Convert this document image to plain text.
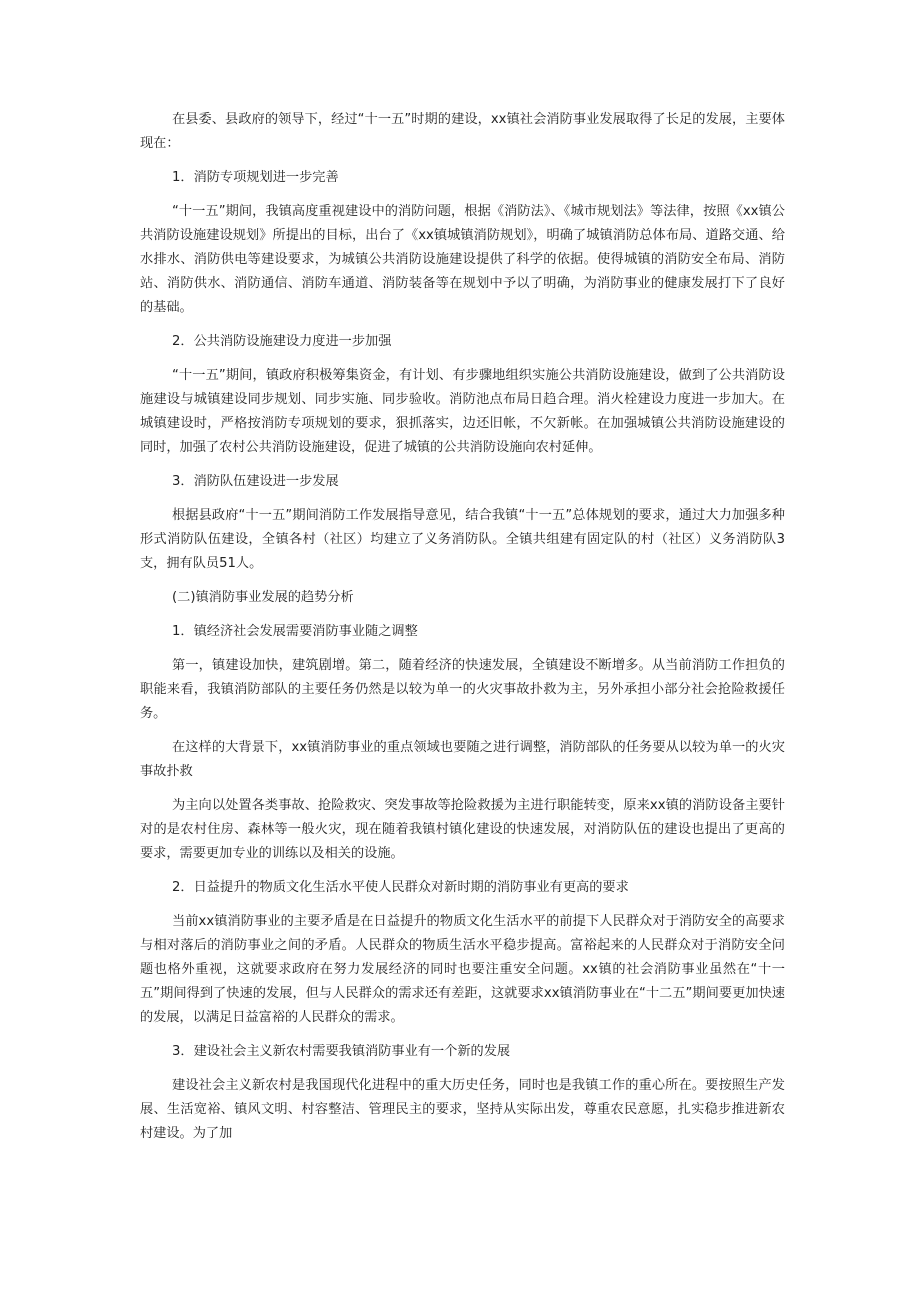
在县委、县政府的领导下，经过“十一五”时期的建设，xx镇社会消防事业发展取得了长足的发展，主要体现在：

1．消防专项规划进一步完善

“十一五”期间，我镇高度重视建设中的消防问题，根据《消防法》、《城市规划法》等法律，按照《xx镇公共消防设施建设规划》所提出的目标，出台了《xx镇城镇消防规划》，明确了城镇消防总体布局、道路交通、给水排水、消防供电等建设要求，为城镇公共消防设施建设提供了科学的依据。使得城镇的消防安全布局、消防站、消防供水、消防通信、消防车通道、消防装备等在规划中予以了明确，为消防事业的健康发展打下了良好的基础。

2．公共消防设施建设力度进一步加强

“十一五”期间，镇政府积极筹集资金，有计划、有步骤地组织实施公共消防设施建设，做到了公共消防设施建设与城镇建设同步规划、同步实施、同步验收。消防池点布局日趋合理。消火栓建设力度进一步加大。在城镇建设时，严格按消防专项规划的要求，狠抓落实，边还旧帐，不欠新帐。在加强城镇公共消防设施建设的同时，加强了农村公共消防设施建设，促进了城镇的公共消防设施向农村延伸。

3．消防队伍建设进一步发展

根据县政府“十一五”期间消防工作发展指导意见，结合我镇“十一五”总体规划的要求，通过大力加强多种形式消防队伍建设，全镇各村（社区）均建立了义务消防队。全镇共组建有固定队的村（社区）义务消防队3支，拥有队员51人。

(二)镇消防事业发展的趋势分析

1．镇经济社会发展需要消防事业随之调整

第一，镇建设加快，建筑剧增。第二，随着经济的快速发展，全镇建设不断增多。从当前消防工作担负的职能来看，我镇消防部队的主要任务仍然是以较为单一的火灾事故扑救为主，另外承担小部分社会抢险救援任务。

在这样的大背景下，xx镇消防事业的重点领域也要随之进行调整，消防部队的任务要从以较为单一的火灾事故扑救

为主向以处置各类事故、抢险救灾、突发事故等抢险救援为主进行职能转变，原来xx镇的消防设备主要针对的是农村住房、森林等一般火灾，现在随着我镇村镇化建设的快速发展，对消防队伍的建设也提出了更高的要求，需要更加专业的训练以及相关的设施。

2．日益提升的物质文化生活水平使人民群众对新时期的消防事业有更高的要求

当前xx镇消防事业的主要矛盾是在日益提升的物质文化生活水平的前提下人民群众对于消防安全的高要求与相对落后的消防事业之间的矛盾。人民群众的物质生活水平稳步提高。富裕起来的人民群众对于消防安全问题也格外重视，这就要求政府在努力发展经济的同时也要注重安全问题。xx镇的社会消防事业虽然在“十一五”期间得到了快速的发展，但与人民群众的需求还有差距，这就要求xx镇消防事业在“十二五”期间要更加快速的发展，以满足日益富裕的人民群众的需求。

3．建设社会主义新农村需要我镇消防事业有一个新的发展

建设社会主义新农村是我国现代化进程中的重大历史任务，同时也是我镇工作的重心所在。要按照生产发展、生活宽裕、镇风文明、村容整洁、管理民主的要求，坚持从实际出发，尊重农民意愿，扎实稳步推进新农村建设。为了加
